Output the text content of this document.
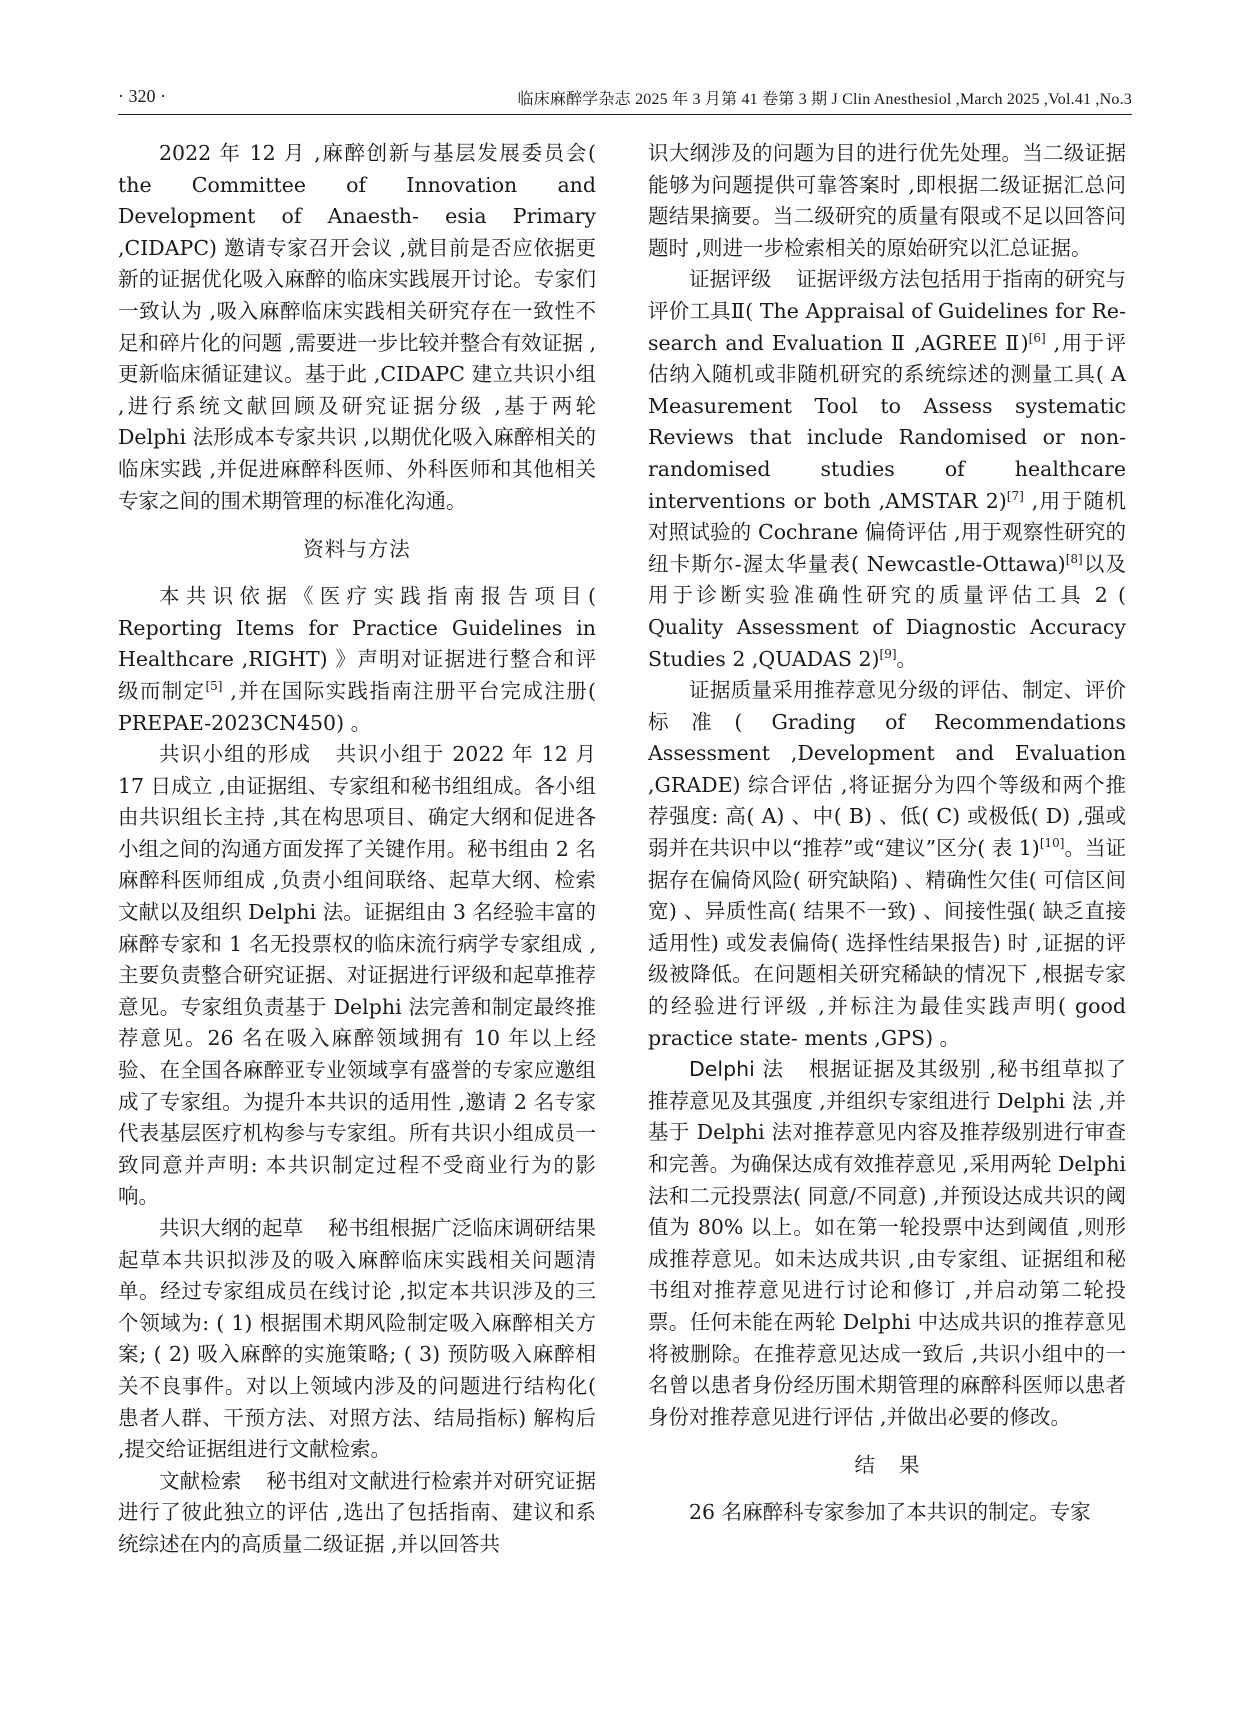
· 320 ·	临床麻醉学杂志 2025 年 3 月第 41 卷第 3 期 J Clin Anesthesiol ,March 2025 ,Vol.41 ,No.3

2022 年 12 月 ,麻醉创新与基层发展委员会( the Committee of Innovation and Development of Anaesth- esia Primary ,CIDAPC) 邀请专家召开会议 ,就目前是否应依据更新的证据优化吸入麻醉的临床实践展开讨论。专家们一致认为 ,吸入麻醉临床实践相关研究存在一致性不足和碎片化的问题 ,需要进一步比较并整合有效证据 ,更新临床循证建议。基于此 ,CIDAPC 建立共识小组 ,进行系统文献回顾及研究证据分级 ,基于两轮 Delphi 法形成本专家共识 ,以期优化吸入麻醉相关的临床实践 ,并促进麻醉科医师、外科医师和其他相关专家之间的围术期管理的标准化沟通。

资料与方法

本共识依据《医疗实践指南报告项目( Reporting Items for Practice Guidelines in Healthcare ,RIGHT) 》声明对证据进行整合和评级而制定[5] ,并在国际实践指南注册平台完成注册( PREPAE-2023CN450) 。

共识小组的形成 共识小组于 2022 年 12 月 17 日成立 ,由证据组、专家组和秘书组组成。各小组由共识组长主持 ,其在构思项目、确定大纲和促进各小组之间的沟通方面发挥了关键作用。秘书组由 2 名麻醉科医师组成 ,负责小组间联络、起草大纲、检索文献以及组织 Delphi 法。证据组由 3 名经验丰富的麻醉专家和 1 名无投票权的临床流行病学专家组成 ,主要负责整合研究证据、对证据进行评级和起草推荐意见。专家组负责基于 Delphi 法完善和制定最终推荐意见。26 名在吸入麻醉领域拥有 10 年以上经验、在全国各麻醉亚专业领域享有盛誉的专家应邀组成了专家组。为提升本共识的适用性 ,邀请 2 名专家代表基层医疗机构参与专家组。所有共识小组成员一致同意并声明: 本共识制定过程不受商业行为的影响。

共识大纲的起草 秘书组根据广泛临床调研结果起草本共识拟涉及的吸入麻醉临床实践相关问题清单。经过专家组成员在线讨论 ,拟定本共识涉及的三个领域为: ( 1) 根据围术期风险制定吸入麻醉相关方案; ( 2) 吸入麻醉的实施策略; ( 3) 预防吸入麻醉相关不良事件。对以上领域内涉及的问题进行结构化( 患者人群、干预方法、对照方法、结局指标) 解构后 ,提交给证据组进行文献检索。

文献检索 秘书组对文献进行检索并对研究证据进行了彼此独立的评估 ,选出了包括指南、建议和系统综述在内的高质量二级证据 ,并以回答共

识大纲涉及的问题为目的进行优先处理。当二级证据能够为问题提供可靠答案时 ,即根据二级证据汇总问题结果摘要。当二级研究的质量有限或不足以回答问题时 ,则进一步检索相关的原始研究以汇总证据。

证据评级 证据评级方法包括用于指南的研究与评价工具Ⅱ( The Appraisal of Guidelines for Re- search and Evaluation Ⅱ ,AGREE Ⅱ)[6] ,用于评估纳入随机或非随机研究的系统综述的测量工具( A Measurement Tool to Assess systematic Reviews that include Randomised or non-randomised studies of healthcare interventions or both ,AMSTAR 2)[7] ,用于随机对照试验的 Cochrane 偏倚评估 ,用于观察性研究的纽卡斯尔-渥太华量表( Newcastle-Ottawa)[8]以及用于诊断实验准确性研究的质量评估工具 2 ( Quality Assessment of Diagnostic Accuracy Studies 2 ,QUADAS 2)[9]。

证据质量采用推荐意见分级的评估、制定、评价标准( Grading of Recommendations Assessment ,Development and Evaluation ,GRADE) 综合评估 ,将证据分为四个等级和两个推荐强度: 高( A) 、中( B) 、低( C) 或极低( D) ,强或弱并在共识中以“推荐”或“建议”区分( 表 1)[10]。当证据存在偏倚风险( 研究缺陷) 、精确性欠佳( 可信区间宽) 、异质性高( 结果不一致) 、间接性强( 缺乏直接适用性) 或发表偏倚( 选择性结果报告) 时 ,证据的评级被降低。在问题相关研究稀缺的情况下 ,根据专家的经验进行评级 ,并标注为最佳实践声明( good practice state- ments ,GPS) 。

Delphi 法 根据证据及其级别 ,秘书组草拟了推荐意见及其强度 ,并组织专家组进行 Delphi 法 ,并基于 Delphi 法对推荐意见内容及推荐级别进行审查和完善。为确保达成有效推荐意见 ,采用两轮 Delphi 法和二元投票法( 同意/不同意) ,并预设达成共识的阈值为 80% 以上。如在第一轮投票中达到阈值 ,则形成推荐意见。如未达成共识 ,由专家组、证据组和秘书组对推荐意见进行讨论和修订 ,并启动第二轮投票。任何未能在两轮 Delphi 中达成共识的推荐意见将被删除。在推荐意见达成一致后 ,共识小组中的一名曾以患者身份经历围术期管理的麻醉科医师以患者身份对推荐意见进行评估 ,并做出必要的修改。

结果

26 名麻醉科专家参加了本共识的制定。专家
